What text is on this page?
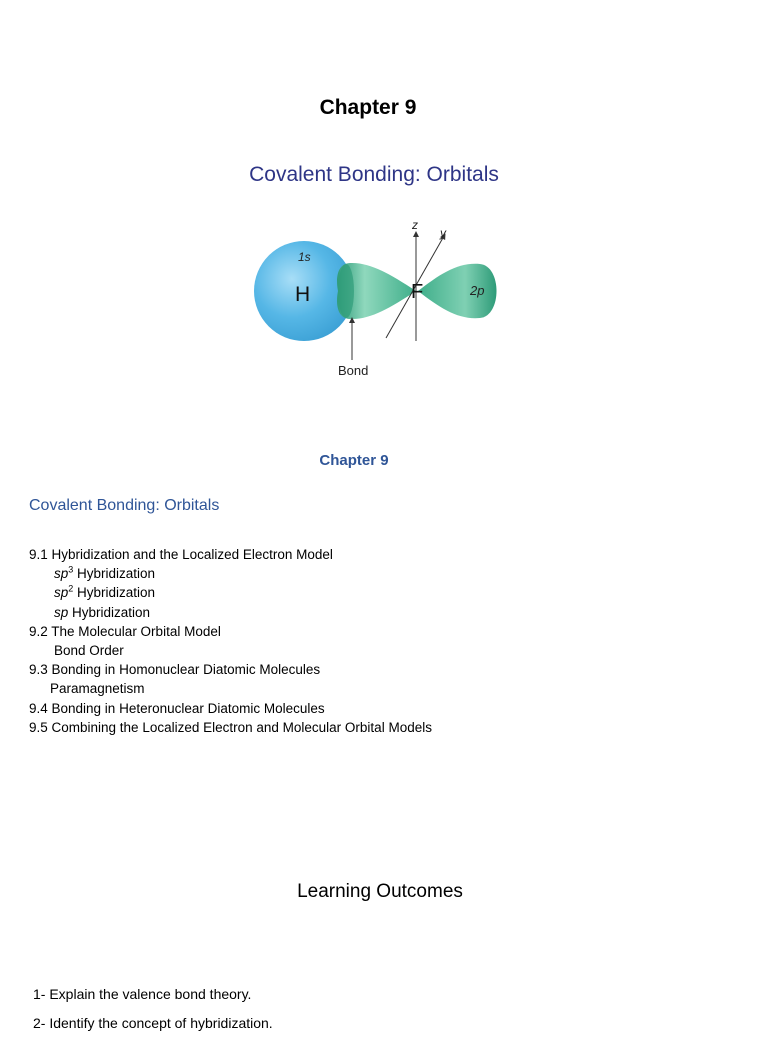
Chapter 9
Covalent Bonding: Orbitals
H
1s
F	2p
z
y
Bond
Chapter 9
Covalent Bonding: Orbitals
9.1 Hybridization and the Localized Electron Model
$sp^3$ Hybridization
$sp^2$ Hybridization
sp Hybridization
9.2 The Molecular Orbital Model
Bond Order
9.3 Bonding in Homonuclear Diatomic Molecules
Paramagnetism
9.4 Bonding in Heteronuclear Diatomic Molecules
9.5 Combining the Localized Electron and Molecular Orbital Models
Learning Outcomes
1- Explain the valence bond theory.
2- Identify the concept of hybridization.
